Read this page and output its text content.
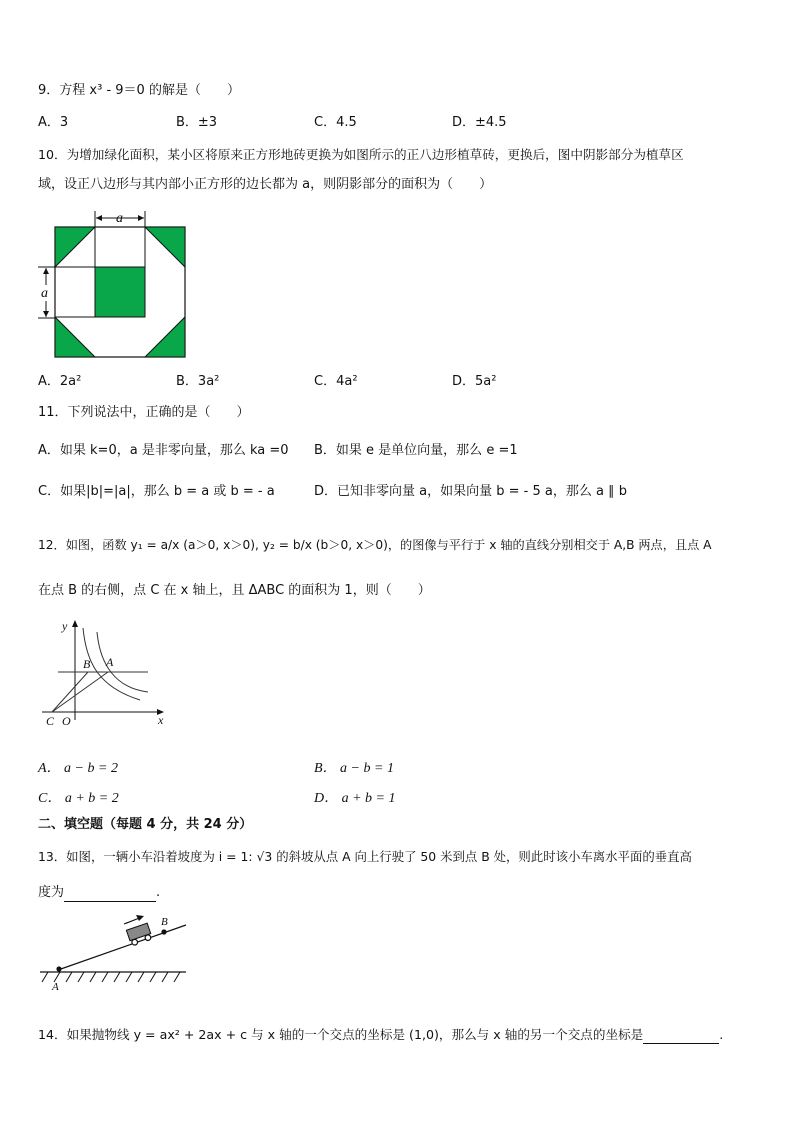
9．方程 x³ - 9＝0 的解是（　　）
A．3	B．±3	C．4.5	D．±4.5
10．为增加绿化面积，某小区将原来正方形地砖更换为如图所示的正八边形植草砖，更换后，图中阴影部分为植草区
域，设正八边形与其内部小正方形的边长都为 a，则阴影部分的面积为（　　）
a
a
A．2a²	B．3a²	C．4a²	D．5a²
11．下列说法中，正确的是（　　）
A．如果 k=0，a 是非零向量，那么 ka =0 B．如果 e 是单位向量，那么 e =1
C．如果|b|=|a|，那么 b = a 或 b = - a	D．已知非零向量 a，如果向量 b = - 5 a，那么 a ∥ b
12．如图，函数 y₁ = a/x (a＞0, x＞0), y₂ = b/x (b＞0, x＞0)，的图像与平行于 x 轴的直线分别相交于 A,B 两点，且点 A
在点 B 的右侧，点 C 在 x 轴上，且 ΔABC 的面积为 1，则（　　）
y
x
B A
C O
A． a − b = 2	B． a − b = 1
C． a + b = 2	D． a + b = 1
二、填空题（每题 4 分，共 24 分）
13．如图，一辆小车沿着坡度为 i = 1: √3 的斜坡从点 A 向上行驶了 50 米到点 B 处，则此时该小车离水平面的垂直高
度为	.
A
B
14．如果抛物线 y = ax² + 2ax + c 与 x 轴的一个交点的坐标是 (1,0)，那么与 x 轴的另一个交点的坐标是	.
